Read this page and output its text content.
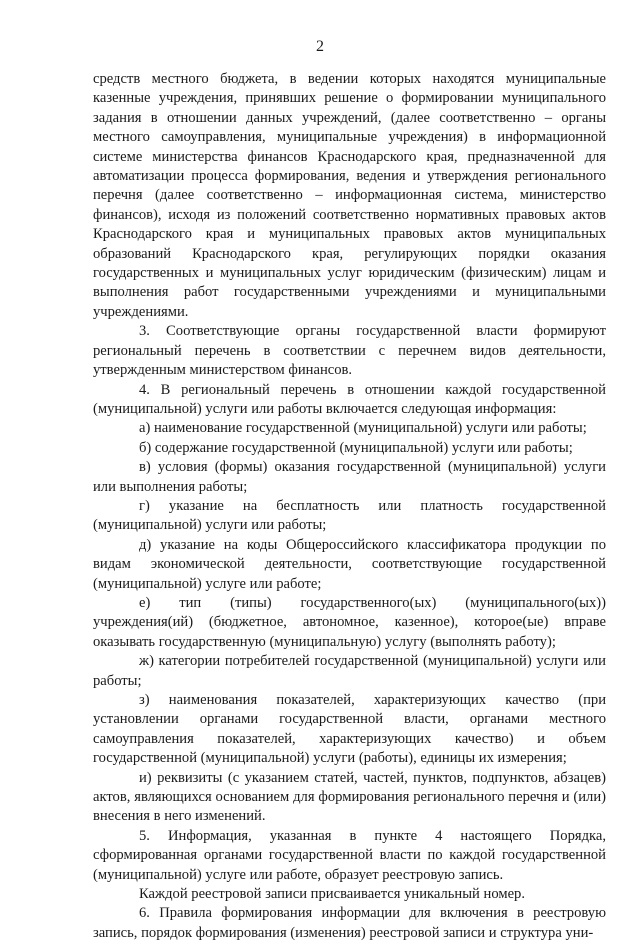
2

средств местного бюджета, в ведении которых находятся муниципальные казенные учреждения, принявших решение о формировании муниципального задания в отношении данных учреждений, (далее соответственно – органы местного самоуправления, муниципальные учреждения) в информационной системе министерства финансов Краснодарского края, предназначенной для автоматизации процесса формирования, ведения и утверждения регионального перечня (далее соответственно – информационная система, министерство финансов), исходя из положений соответственно нормативных правовых актов Краснодарского края и муниципальных правовых актов муниципальных образований Краснодарского края, регулирующих порядки оказания государственных и муниципальных услуг юридическим (физическим) лицам и выполнения работ государственными учреждениями и муниципальными учреждениями.

3. Соответствующие органы государственной власти формируют региональный перечень в соответствии с перечнем видов деятельности, утвержденным министерством финансов.

4. В региональный перечень в отношении каждой государственной (муниципальной) услуги или работы включается следующая информация:

а) наименование государственной (муниципальной) услуги или работы;

б) содержание государственной (муниципальной) услуги или работы;

в) условия (формы) оказания государственной (муниципальной) услуги или выполнения работы;

г) указание на бесплатность или платность государственной (муниципальной) услуги или работы;

д) указание на коды Общероссийского классификатора продукции по видам экономической деятельности, соответствующие государственной (муниципальной) услуге или работе;

е) тип (типы) государственного(ых) (муниципального(ых)) учреждения(ий) (бюджетное, автономное, казенное), которое(ые) вправе оказывать государственную (муниципальную) услугу (выполнять работу);

ж) категории потребителей государственной (муниципальной) услуги или работы;

з) наименования показателей, характеризующих качество (при установлении органами государственной власти, органами местного самоуправления показателей, характеризующих качество) и объем государственной (муниципальной) услуги (работы), единицы их измерения;

и) реквизиты (с указанием статей, частей, пунктов, подпунктов, абзацев) актов, являющихся основанием для формирования регионального перечня и (или) внесения в него изменений.

5. Информация, указанная в пункте 4 настоящего Порядка, сформированная органами государственной власти по каждой государственной (муниципальной) услуге или работе, образует реестровую запись.

Каждой реестровой записи присваивается уникальный номер.

6. Правила формирования информации для включения в реестровую запись, порядок формирования (изменения) реестровой записи и структура уни-
